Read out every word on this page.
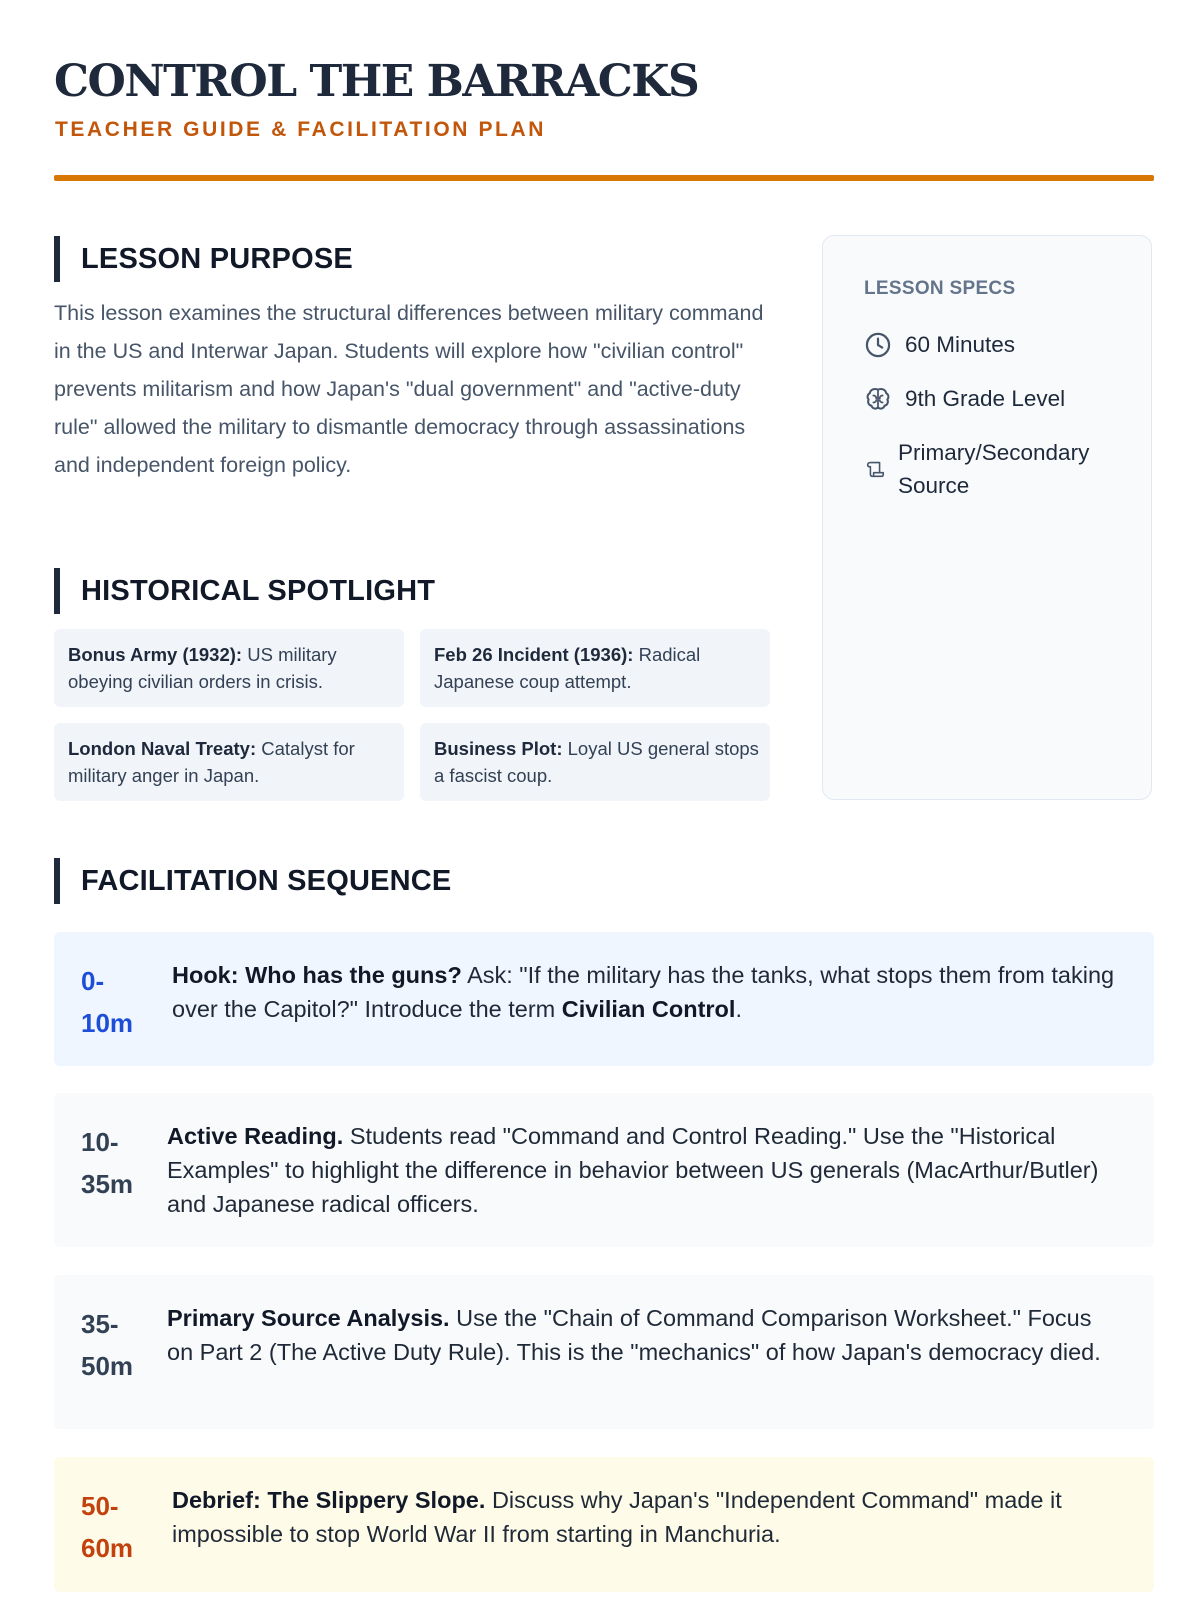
CONTROL THE BARRACKS
TEACHER GUIDE & FACILITATION PLAN
LESSON PURPOSE

This lesson examines the structural differences between military command in the US and Interwar Japan. Students will explore how "civilian control" prevents militarism and how Japan's "dual government" and "active-duty rule" allowed the military to dismantle democracy through assassinations and independent foreign policy.

HISTORICAL SPOTLIGHT
Bonus Army (1932): US military obeying civilian orders in crisis.
Feb 26 Incident (1936): Radical Japanese coup attempt.
London Naval Treaty: Catalyst for military anger in Japan.
Business Plot: Loyal US general stops a fascist coup.
LESSON SPECS
60 Minutes
9th Grade Level
Primary/Secondary Source
FACILITATION SEQUENCE
0-10m
Hook: Who has the guns? Ask: "If the military has the tanks, what stops them from taking over the Capitol?" Introduce the term Civilian Control.
10-35m
Active Reading. Students read "Command and Control Reading." Use the "Historical Examples" to highlight the difference in behavior between US generals (MacArthur/Butler) and Japanese radical officers.
35-50m
Primary Source Analysis. Use the "Chain of Command Comparison Worksheet." Focus on Part 2 (The Active Duty Rule). This is the "mechanics" of how Japan's democracy died.
50-60m
Debrief: The Slippery Slope. Discuss why Japan's "Independent Command" made it impossible to stop World War II from starting in Manchuria.
